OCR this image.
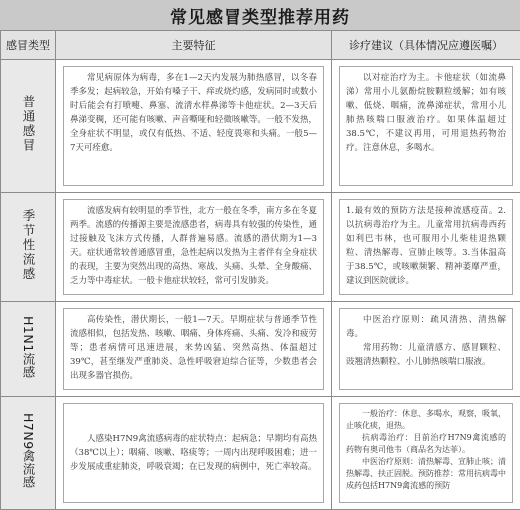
常见感冒类型推荐用药
感冒类型	主要特征	诊疗建议（具体情况应遵医嘱）
普通感冒	常见病原体为病毒，多在1—2天内发展为肺热感冒，以冬春季多发；起病较急，开始有嗓子干、痒或烧灼感，发病同时或数小时后能会有打喷嚏、鼻塞、流清水样鼻涕等卡他症状。2—3天后鼻涕变稠，还可能有咳嗽、声音嘶哑和轻微咳嗽等。一般不发热，全身症状不明显，或仅有低热、不适、轻度畏寒和头痛。一般5—7天可痊愈。	以对症治疗为主。卡他症状（如流鼻涕）常用小儿氨酚烷胺颗粒缓解；如有咳嗽、低烧、咽痛，流鼻涕症状，常用小儿肺热咳喘口服液治疗。如果体温超过38.5℃，不建议再用，可用退热药物治疗。注意休息，多喝水。

季节性流感	流感发病有较明显的季节性，北方一般在冬季，南方多在冬夏两季。流感的传播源主要是流感患者，病毒具有较强的传染性，通过接触及飞沫方式传播，人群普遍易感。流感的潜伏期为1—3天。症状通常较普通感冒重，急性起病以发热为主者伴有全身症状的表现，主要为突然出现的高热、寒战、头痛、头晕、全身酸痛、乏力等中毒症状。一般卡他症状较轻，常可引发肺炎。	1.最有效的预防方法是接种流感疫苗。2.以抗病毒治疗为主。儿童常用抗病毒西药如利巴韦林，也可服用小儿柴桂退热颗粒、清热解毒、宣肺止咳等。3.当体温高于38.5℃，或咳嗽频繁、精神萎靡严重，建议到医院就诊。

H1N1流感	高传染性，潜伏期长，一般1—7天。早期症状与普通季节性流感相似，包括发热、咳嗽、咽痛、身体疼痛、头痛、发冷和疲劳等；患者病情可迅速进展，来势凶猛、突然高热、体温超过39℃，甚至继发严重肺炎、急性呼吸窘迫综合征等，少数患者会出现多器官损伤。	中医治疗原则：疏风清热、清热解毒。

常用药物：儿童清感方、感冒颗粒、豉翘清热颗粒、小儿肺热咳喘口服液。

H7N9禽流感	人感染H7N9禽流感病毒的症状特点：起病急；早期均有高热（38℃以上）；咽痛、咳嗽、咯痰等；一周内出现呼吸困难；进一步发展成重症肺炎，呼吸衰竭；在已发现的病例中，死亡率较高。	一般治疗：休息、多喝水，观察，吸氧，止咳化痰，退热。

抗病毒治疗：目前治疗H7N9禽流感的药物有奥司他韦（商品名为达菲）。

中医治疗原则：清热解毒、宣肺止咳；清热解毒、扶正固脱。预防推荐：常用抗病毒中成药包括H7N9禽流感的预防
